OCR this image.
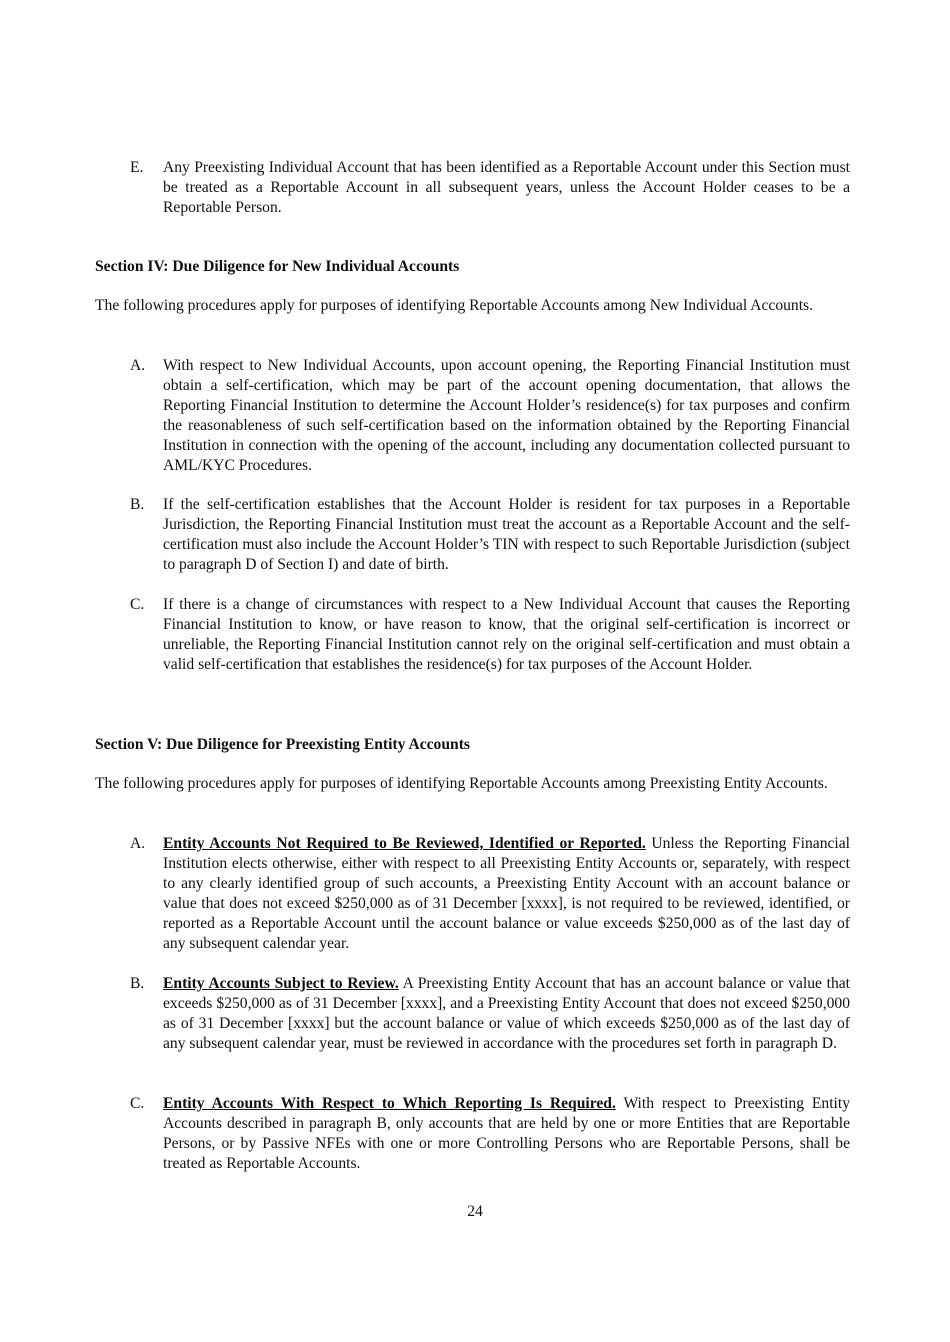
E.	Any Preexisting Individual Account that has been identified as a Reportable Account under this Section must be treated as a Reportable Account in all subsequent years, unless the Account Holder ceases to be a Reportable Person.
Section IV: Due Diligence for New Individual Accounts
The following procedures apply for purposes of identifying Reportable Accounts among New Individual Accounts.
A.	With respect to New Individual Accounts, upon account opening, the Reporting Financial Institution must obtain a self-certification, which may be part of the account opening documentation, that allows the Reporting Financial Institution to determine the Account Holder’s residence(s) for tax purposes and confirm the reasonableness of such self-certification based on the information obtained by the Reporting Financial Institution in connection with the opening of the account, including any documentation collected pursuant to AML/KYC Procedures.
B.	If the self-certification establishes that the Account Holder is resident for tax purposes in a Reportable Jurisdiction, the Reporting Financial Institution must treat the account as a Reportable Account and the self-certification must also include the Account Holder’s TIN with respect to such Reportable Jurisdiction (subject to paragraph D of Section I) and date of birth.
C.	If there is a change of circumstances with respect to a New Individual Account that causes the Reporting Financial Institution to know, or have reason to know, that the original self-certification is incorrect or unreliable, the Reporting Financial Institution cannot rely on the original self-certification and must obtain a valid self-certification that establishes the residence(s) for tax purposes of the Account Holder.
Section V: Due Diligence for Preexisting Entity Accounts
The following procedures apply for purposes of identifying Reportable Accounts among Preexisting Entity Accounts.
A.	Entity Accounts Not Required to Be Reviewed, Identified or Reported. Unless the Reporting Financial Institution elects otherwise, either with respect to all Preexisting Entity Accounts or, separately, with respect to any clearly identified group of such accounts, a Preexisting Entity Account with an account balance or value that does not exceed $250,000 as of 31 December [xxxx], is not required to be reviewed, identified, or reported as a Reportable Account until the account balance or value exceeds $250,000 as of the last day of any subsequent calendar year.
B.	Entity Accounts Subject to Review. A Preexisting Entity Account that has an account balance or value that exceeds $250,000 as of 31 December [xxxx], and a Preexisting Entity Account that does not exceed $250,000 as of 31 December [xxxx] but the account balance or value of which exceeds $250,000 as of the last day of any subsequent calendar year, must be reviewed in accordance with the procedures set forth in paragraph D.
C.	Entity Accounts With Respect to Which Reporting Is Required. With respect to Preexisting Entity Accounts described in paragraph B, only accounts that are held by one or more Entities that are Reportable Persons, or by Passive NFEs with one or more Controlling Persons who are Reportable Persons, shall be treated as Reportable Accounts.
24
